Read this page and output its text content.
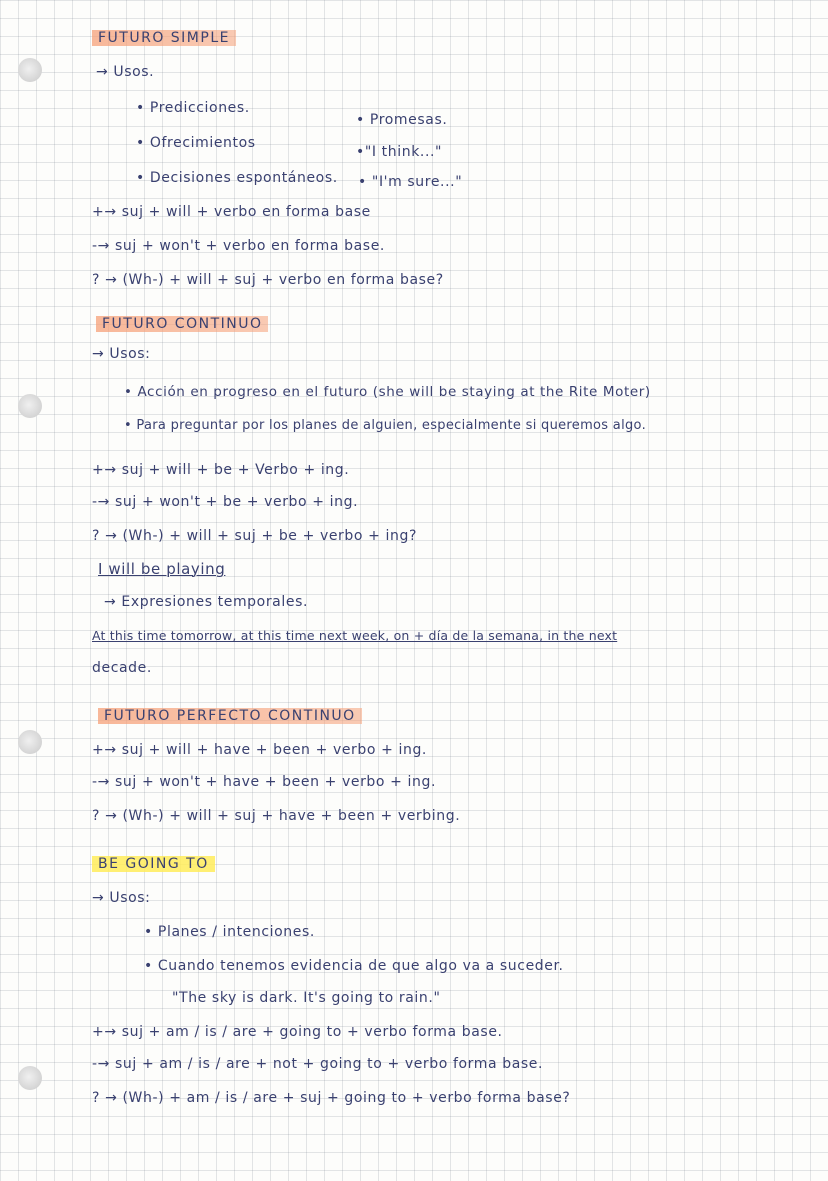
FUTURO SIMPLE
→ Usos.
• Predicciones.
• Ofrecimientos
• Decisiones espontáneos.
• Promesas.
•"I think..."
• "I'm sure..."
+→ suj + will + verbo en forma base
-→ suj + won't + verbo en forma base.
? → (Wh-) + will + suj + verbo en forma base?
FUTURO CONTINUO
→ Usos:
• Acción en progreso en el futuro (she will be staying at the Rite Moter)
• Para preguntar por los planes de alguien, especialmente si queremos algo.
+→ suj + will + be + Verbo + ing.
-→ suj + won't + be + verbo + ing.
? → (Wh-) + will + suj + be + verbo + ing?
I will be playing
→ Expresiones temporales.
At this time tomorrow, at this time next week, on + día de la semana, in the next
decade.
FUTURO PERFECTO CONTINUO
+→ suj + will + have + been + verbo + ing.
-→ suj + won't + have + been + verbo + ing.
? → (Wh-) + will + suj + have + been + verbing.
BE GOING TO
→ Usos:
• Planes / intenciones.
• Cuando tenemos evidencia de que algo va a suceder.
"The sky is dark. It's going to rain."
+→ suj + am / is / are + going to + verbo forma base.
-→ suj + am / is / are + not + going to + verbo forma base.
? → (Wh-) + am / is / are + suj + going to + verbo forma base?
